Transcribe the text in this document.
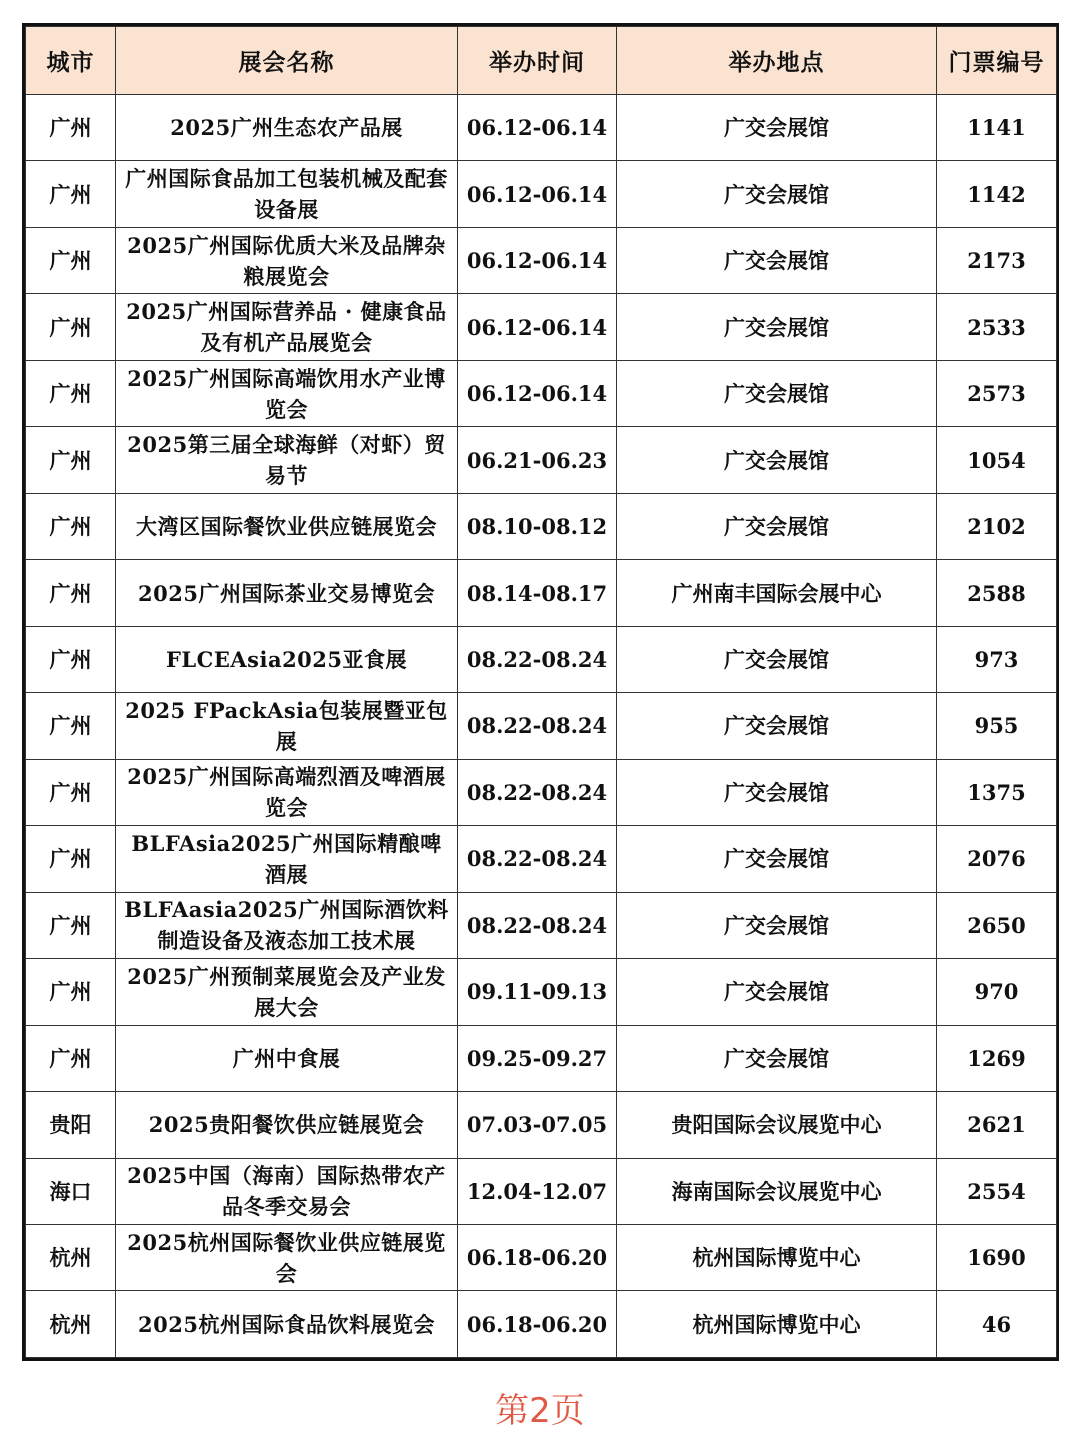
城市	展会名称	举办时间	举办地点	门票编号
广州	2025广州生态农产品展	06.12-06.14	广交会展馆	1141
广州	广州国际食品加工包装机械及配套设备展	06.12-06.14	广交会展馆	1142
广州	2025广州国际优质大米及品牌杂粮展览会	06.12-06.14	广交会展馆	2173
广州	2025广州国际营养品 · 健康食品及有机产品展览会	06.12-06.14	广交会展馆	2533
广州	2025广州国际高端饮用水产业博览会	06.12-06.14	广交会展馆	2573
广州	2025第三届全球海鲜（对虾）贸易节	06.21-06.23	广交会展馆	1054
广州	大湾区国际餐饮业供应链展览会	08.10-08.12	广交会展馆	2102
广州	2025广州国际茶业交易博览会	08.14-08.17	广州南丰国际会展中心	2588
广州	FLCEAsia2025亚食展	08.22-08.24	广交会展馆	973
广州	2025 FPackAsia包装展暨亚包展	08.22-08.24	广交会展馆	955
广州	2025广州国际高端烈酒及啤酒展览会	08.22-08.24	广交会展馆	1375
广州	BLFAsia2025广州国际精酿啤酒展	08.22-08.24	广交会展馆	2076
广州	BLFAasia2025广州国际酒饮料制造设备及液态加工技术展	08.22-08.24	广交会展馆	2650
广州	2025广州预制菜展览会及产业发展大会	09.11-09.13	广交会展馆	970
广州	广州中食展	09.25-09.27	广交会展馆	1269
贵阳	2025贵阳餐饮供应链展览会	07.03-07.05	贵阳国际会议展览中心	2621
海口	2025中国（海南）国际热带农产品冬季交易会	12.04-12.07	海南国际会议展览中心	2554
杭州	2025杭州国际餐饮业供应链展览会	06.18-06.20	杭州国际博览中心	1690
杭州	2025杭州国际食品饮料展览会	06.18-06.20	杭州国际博览中心	46
第2页
